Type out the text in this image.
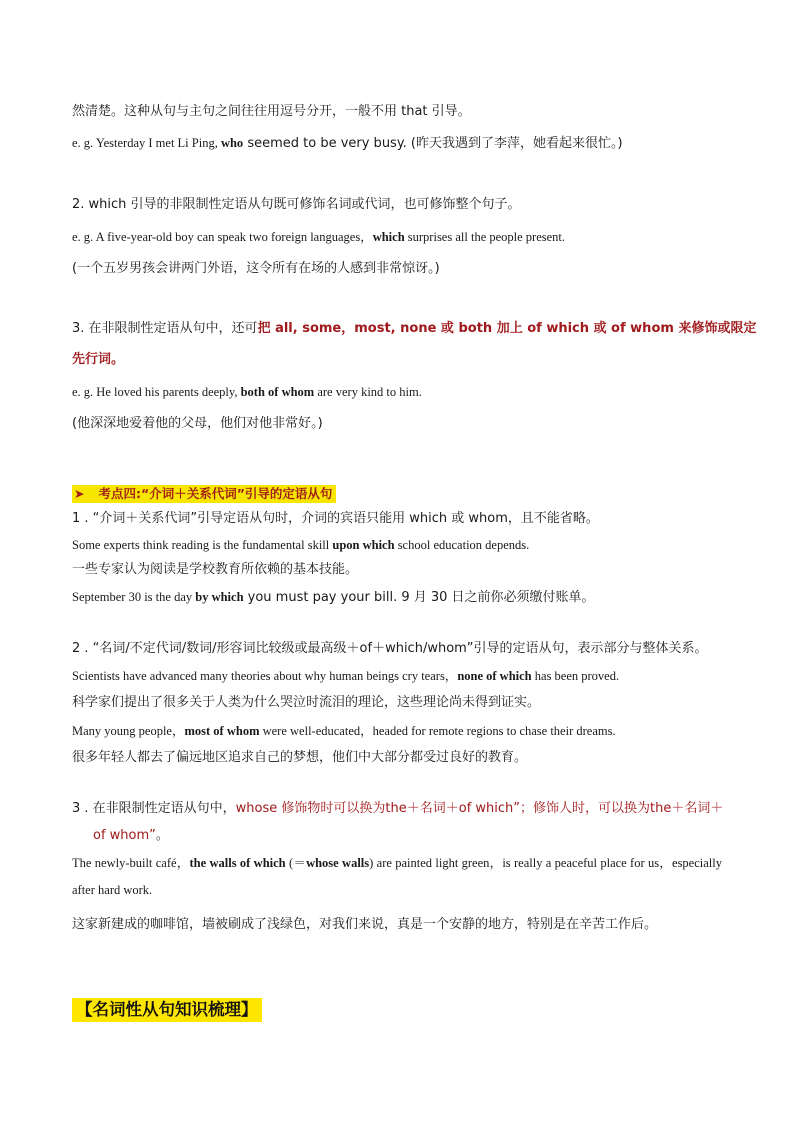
然清楚。这种从句与主句之间往往用逗号分开，一般不用 that 引导。
e. g. Yesterday I met Li Ping, who seemed to be very busy. (昨天我遇到了李萍，她看起来很忙。)
2. which 引导的非限制性定语从句既可修饰名词或代词，也可修饰整个句子。
e. g. A five-year-old boy can speak two foreign languages，which surprises all the people present.
(一个五岁男孩会讲两门外语，这令所有在场的人感到非常惊讶。)
3. 在非限制性定语从句中，还可把 all, some，most, none 或 both 加上 of which 或 of whom 来修饰或限定
先行词。
e. g. He loved his parents deeply, both of whom are very kind to him.
(他深深地爱着他的父母，他们对他非常好。)
➤ 考点四:“介词＋关系代词”引导的定语从句
1 . “介词＋关系代词”引导定语从句时，介词的宾语只能用 which 或 whom，且不能省略。
Some experts think reading is the fundamental skill upon which school education depends.
一些专家认为阅读是学校教育所依赖的基本技能。
September 30 is the day by which you must pay your bill. 9 月 30 日之前你必须缴付账单。
2 . “名词/不定代词/数词/形容词比较级或最高级＋of＋which/whom”引导的定语从句，表示部分与整体关系。
Scientists have advanced many theories about why human beings cry tears，none of which has been proved.
科学家们提出了很多关于人类为什么哭泣时流泪的理论，这些理论尚未得到证实。
Many young people，most of whom were well-educated，headed for remote regions to chase their dreams.
很多年轻人都去了偏远地区追求自己的梦想，他们中大部分都受过良好的教育。
3 . 在非限制性定语从句中，whose 修饰物时可以换为the＋名词＋of which”；修饰人时，可以换为the＋名词＋
of whom”。
The newly-built café，the walls of which (＝whose walls) are painted light green，is really a peaceful place for us，especially after hard work.
这家新建成的咖啡馆，墙被刷成了浅绿色，对我们来说，真是一个安静的地方，特别是在辛苦工作后。
【名词性从句知识梳理】
